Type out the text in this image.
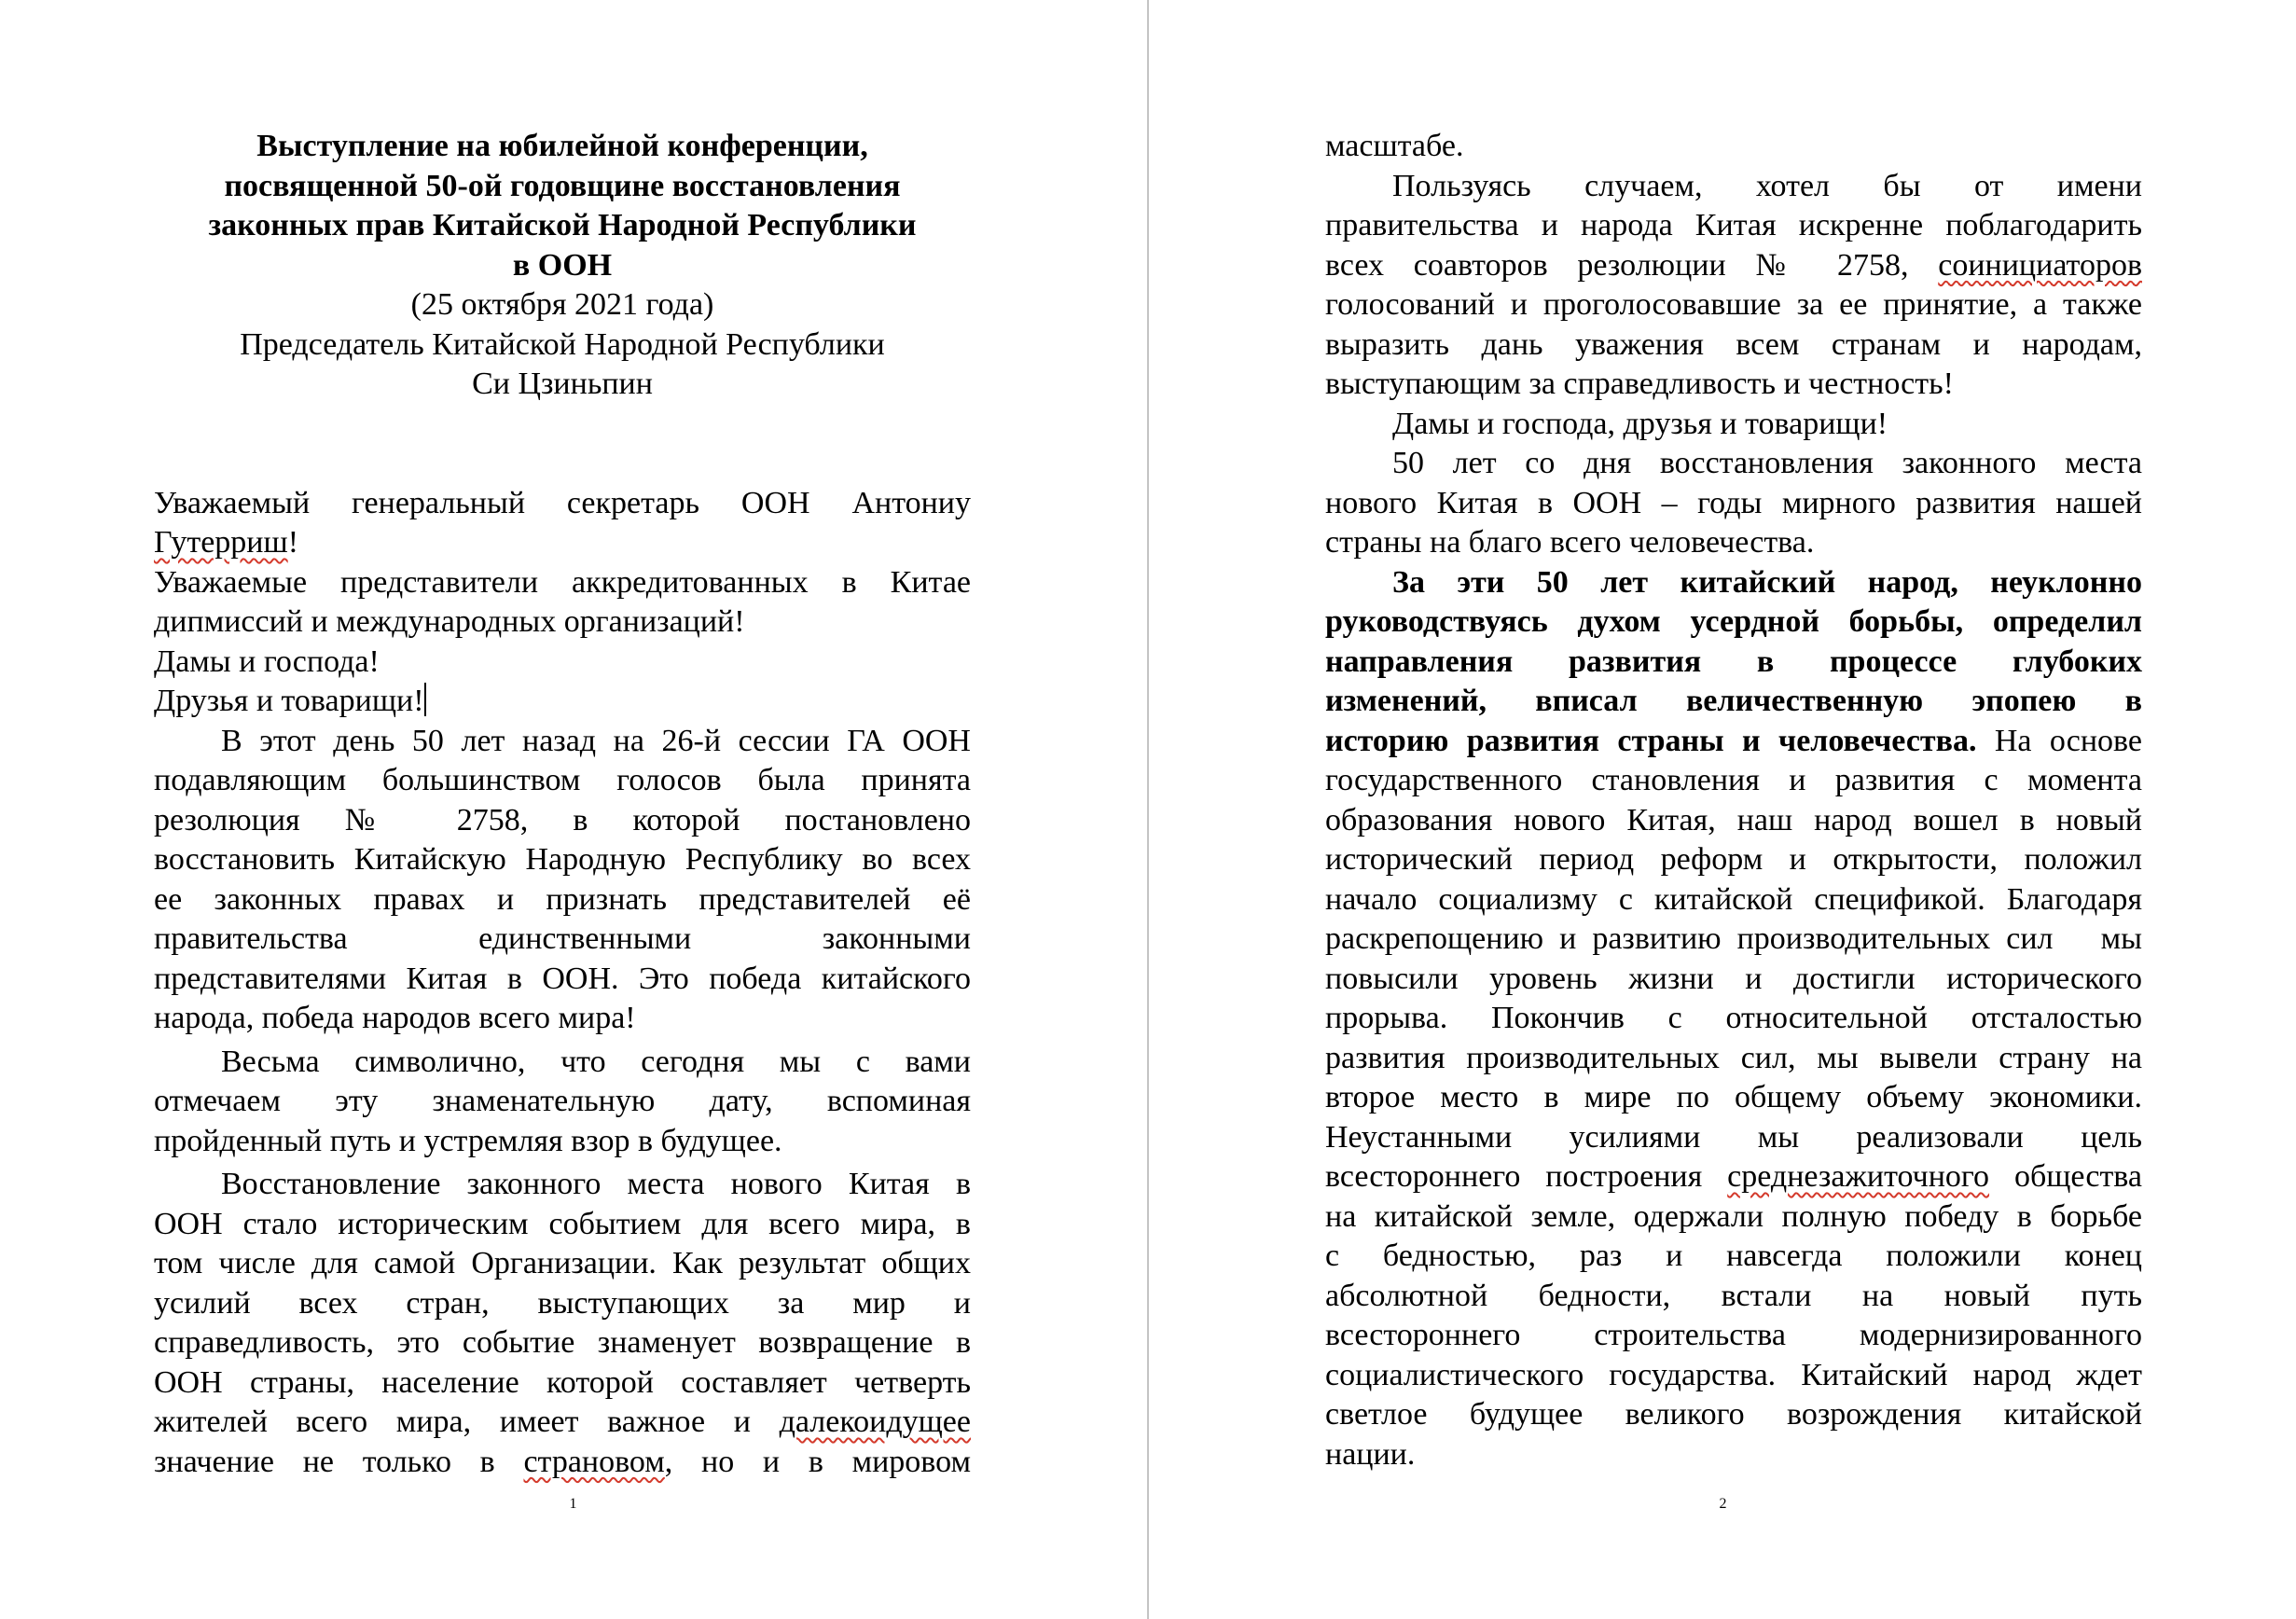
Выступление на юбилейной конференции,
посвященной 50-ой годовщине восстановления
законных прав Китайской Народной Республики
в ООН
(25 октября 2021 года)
Председатель Китайской Народной Республики
Си Цзиньпин
Уважаемый генеральный секретарь ООН Антониу
Гутерриш!
Уважаемые представители аккредитованных в Китае
дипмиссий и международных организаций!
Дамы и господа!
Друзья и товарищи!
В этот день 50 лет назад на 26-й сессии ГА ООН
подавляющим большинством голосов была принята
резолюция № 2758, в которой постановлено
восстановить Китайскую Народную Республику во всех
ее законных правах и признать представителей её
правительства единственными законными
представителями Китая в ООН. Это победа китайского
народа, победа народов всего мира!
Весьма символично, что сегодня мы с вами
отмечаем эту знаменательную дату, вспоминая
пройденный путь и устремляя взор в будущее.
Восстановление законного места нового Китая в
ООН стало историческим событием для всего мира, в
том числе для самой Организации. Как результат общих
усилий всех стран, выступающих за мир и
справедливость, это событие знаменует возвращение в
ООН страны, население которой составляет четверть
жителей всего мира, имеет важное и далекоидущее
значение не только в страновом, но и в мировом
1
масштабе.
Пользуясь случаем, хотел бы от имени
правительства и народа Китая искренне поблагодарить
всех соавторов резолюции № 2758, соинициаторов
голосований и проголосовавшие за ее принятие, а также
выразить дань уважения всем странам и народам,
выступающим за справедливость и честность!
Дамы и господа, друзья и товарищи!
50 лет со дня восстановления законного места
нового Китая в ООН – годы мирного развития нашей
страны на благо всего человечества.
За эти 50 лет китайский народ, неуклонно
руководствуясь духом усердной борьбы, определил
направления развития в процессе глубоких
изменений, вписал величественную эпопею в
историю развития страны и человечества. На основе
государственного становления и развития с момента
образования нового Китая, наш народ вошел в новый
исторический период реформ и открытости, положил
начало социализму с китайской спецификой. Благодаря
раскрепощению и развитию производительных сил   мы
повысили уровень жизни и достигли исторического
прорыва. Покончив с относительной отсталостью
развития производительных сил, мы вывели страну на
второе место в мире по общему объему экономики.
Неустанными усилиями мы реализовали цель
всестороннего построения среднезажиточного общества
на китайской земле, одержали полную победу в борьбе
с бедностью, раз и навсегда положили конец
абсолютной бедности, встали на новый путь
всестороннего строительства модернизированного
социалистического государства. Китайский народ ждет
светлое будущее великого возрождения китайской
нации.
2
